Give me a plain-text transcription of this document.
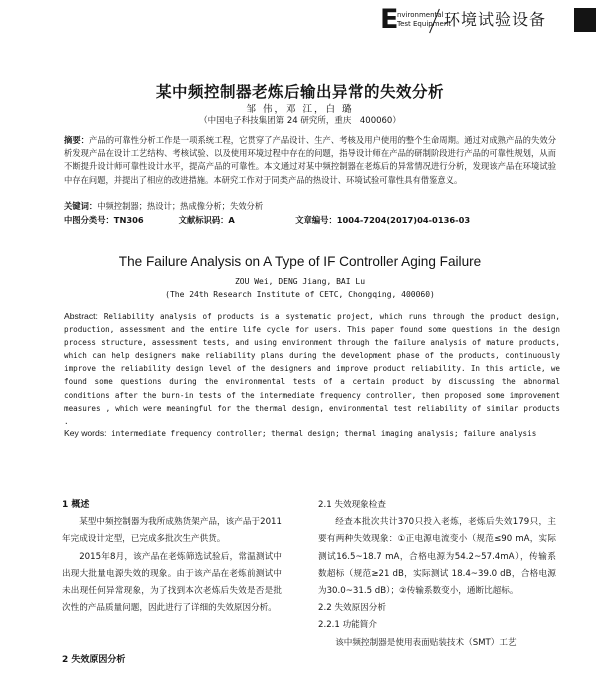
E
nvironmental
Test Equipment
环境试验设备
某中频控制器老炼后输出异常的失效分析
邹 伟，邓 江，白 璐
（中国电子科技集团第 24 研究所，重庆　400060）
摘要：产品的可靠性分析工作是一项系统工程，它贯穿了产品设计、生产、考核及用户使用的整个生命周期。通过对成熟产品的失效分析发现产品在设计工艺结构、考核试验、以及使用环境过程中存在的问题，指导设计师在产品的研制阶段进行产品的可靠性规划，从而不断提升设计师可靠性设计水平，提高产品的可靠性。本文通过对某中频控制器在老炼后的异常情况进行分析，发现该产品在环境试验中存在问题，并提出了相应的改进措施。本研究工作对于同类产品的热设计、环境试验可靠性具有借鉴意义。
关键词：中频控制器；热设计；热成像分析；失效分析
中图分类号：TN306	文献标识码：A	文章编号：1004-7204(2017)04-0136-03
The Failure Analysis on A Type of IF Controller Aging Failure
ZOU Wei, DENG Jiang, BAI Lu
(The 24th Research Institute of CETC, Chongqing, 400060)
Abstract: Reliability analysis of products is a systematic project, which runs through the product design, production, assessment and the entire life cycle for users. This paper found some questions in the design process structure, assessment tests, and using environment through the failure analysis of mature products, which can help designers make reliability plans during the development phase of the products, continuously improve the reliability design level of the designers and improve product reliability. In this article, we found some questions during the environmental tests of a certain product by discussing the abnormal conditions after the burn-in tests of the intermediate frequency controller, then proposed some improvement measures , which were meaningful for the thermal design, environmental test reliability of similar products .
Key words: intermediate frequency controller; thermal design; thermal imaging analysis; failure analysis
1 概述

某型中频控制器为我所成熟货架产品，该产品于2011年完成设计定型，已完成多批次生产供货。

2015年8月，该产品在老炼筛选试验后，常温测试中出现大批量电源失效的现象。由于该产品在老炼前测试中未出现任何异常现象，为了找到本次老炼后失效是否是批次性的产品质量问题，因此进行了详细的失效原因分析。

2 失效原因分析
2.1 失效现象检查

经查本批次共计370只投入老炼，老炼后失效179只，主要有两种失效现象：①正电源电流变小（规范≤90 mA，实际测试16.5~18.7 mA，合格电源为54.2~57.4mA），传输系数超标（规范≥21 dB，实际测试 18.4~39.0 dB，合格电源为30.0~31.5 dB）；②传输系数变小，通断比超标。

2.2 失效原因分析
2.2.1 功能简介

该中频控制器是使用表面贴装技术（SMT）工艺
